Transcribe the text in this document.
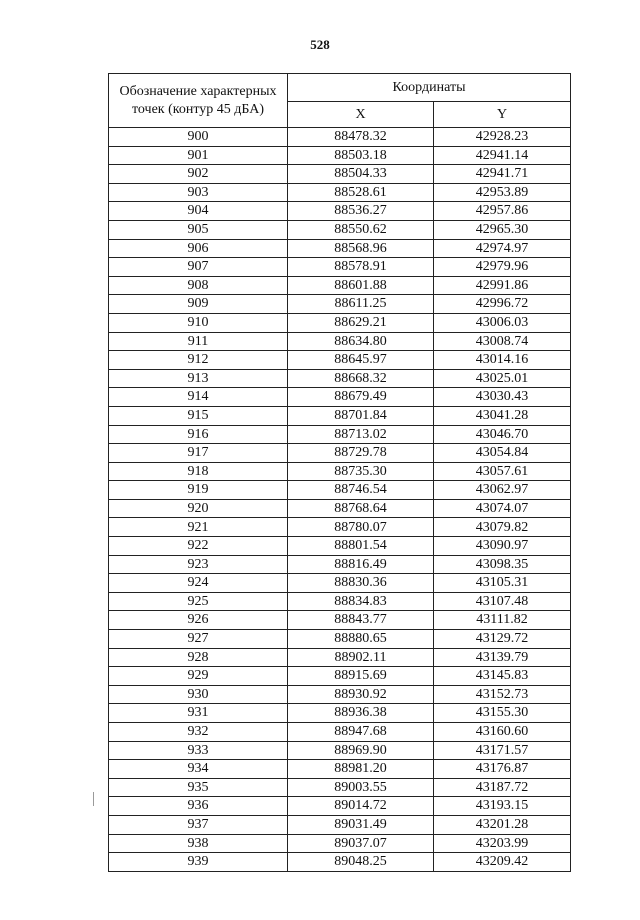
528
Обозначение характерных точек (контур 45 дБА)	Координаты	
	X	Y
900	88478.32	42928.23
901	88503.18	42941.14
902	88504.33	42941.71
903	88528.61	42953.89
904	88536.27	42957.86
905	88550.62	42965.30
906	88568.96	42974.97
907	88578.91	42979.96
908	88601.88	42991.86
909	88611.25	42996.72
910	88629.21	43006.03
911	88634.80	43008.74
912	88645.97	43014.16
913	88668.32	43025.01
914	88679.49	43030.43
915	88701.84	43041.28
916	88713.02	43046.70
917	88729.78	43054.84
918	88735.30	43057.61
919	88746.54	43062.97
920	88768.64	43074.07
921	88780.07	43079.82
922	88801.54	43090.97
923	88816.49	43098.35
924	88830.36	43105.31
925	88834.83	43107.48
926	88843.77	43111.82
927	88880.65	43129.72
928	88902.11	43139.79
929	88915.69	43145.83
930	88930.92	43152.73
931	88936.38	43155.30
932	88947.68	43160.60
933	88969.90	43171.57
934	88981.20	43176.87
935	89003.55	43187.72
936	89014.72	43193.15
937	89031.49	43201.28
938	89037.07	43203.99
939	89048.25	43209.42
